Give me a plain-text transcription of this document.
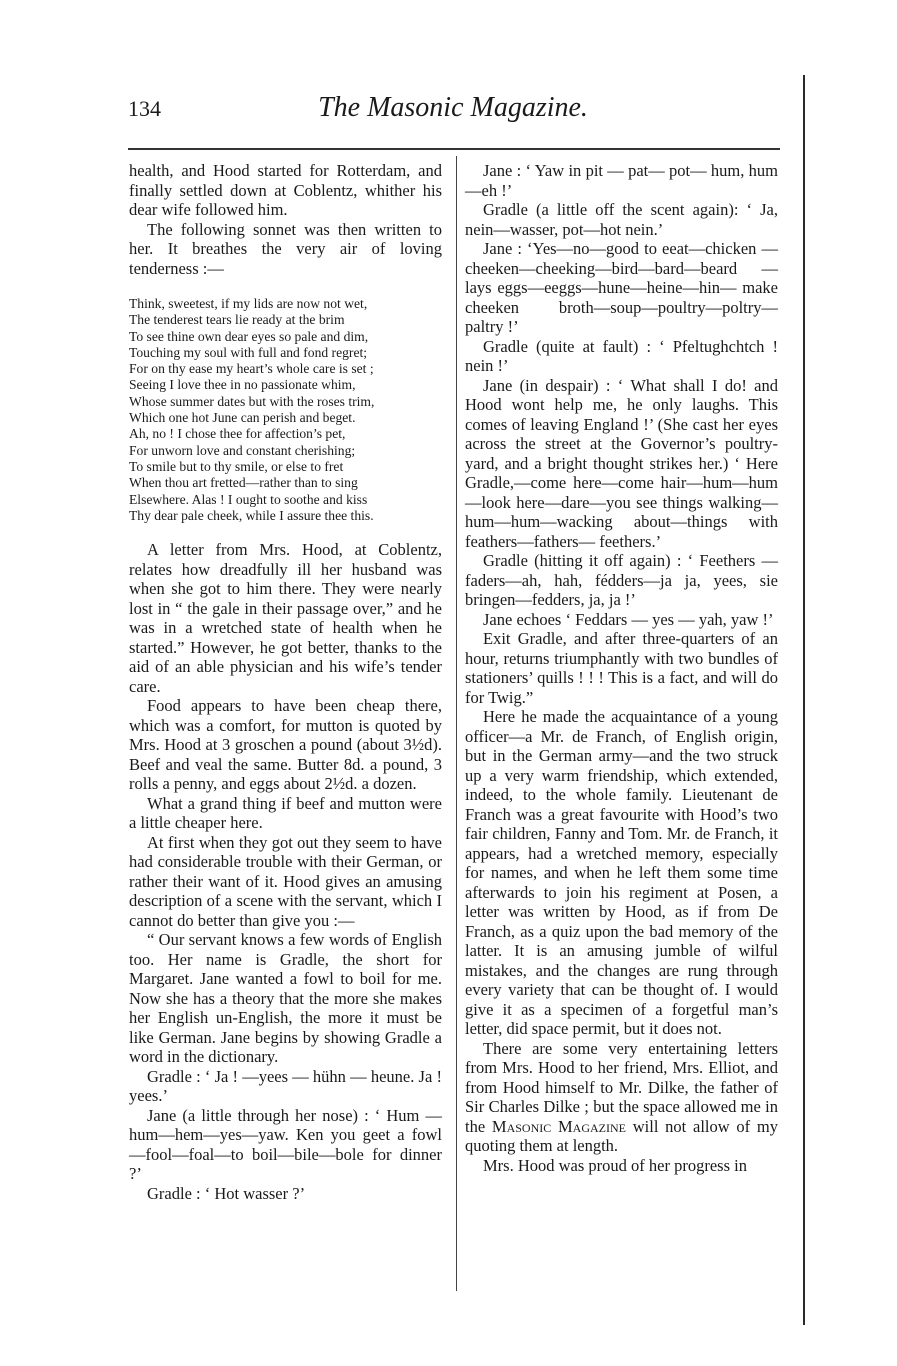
134	The Masonic Magazine.

health, and Hood started for Rotterdam, and finally settled down at Coblentz, whither his dear wife followed him.

The following sonnet was then written to her. It breathes the very air of loving tenderness :—

Think, sweetest, if my lids are now not wet,
The tenderest tears lie ready at the brim
To see thine own dear eyes so pale and dim,
Touching my soul with full and fond regret;
For on thy ease my heart’s whole care is set ;
Seeing I love thee in no passionate whim,
Whose summer dates but with the roses trim,
Which one hot June can perish and beget.
Ah, no ! I chose thee for affection’s pet,
For unworn love and constant cherishing;
To smile but to thy smile, or else to fret
When thou art fretted—rather than to sing
Elsewhere. Alas ! I ought to soothe and kiss
Thy dear pale cheek, while I assure thee this.

A letter from Mrs. Hood, at Coblentz, relates how dreadfully ill her husband was when she got to him there. They were nearly lost in “ the gale in their passage over,” and he was in a wretched state of health when he started.” However, he got better, thanks to the aid of an able physician and his wife’s tender care.

Food appears to have been cheap there, which was a comfort, for mutton is quoted by Mrs. Hood at 3 groschen a pound (about 3½d). Beef and veal the same. Butter 8d. a pound, 3 rolls a penny, and eggs about 2½d. a dozen.

What a grand thing if beef and mutton were a little cheaper here.

At first when they got out they seem to have had considerable trouble with their German, or rather their want of it. Hood gives an amusing description of a scene with the servant, which I cannot do better than give you :—

“ Our servant knows a few words of English too. Her name is Gradle, the short for Margaret. Jane wanted a fowl to boil for me. Now she has a theory that the more she makes her English un-English, the more it must be like German. Jane begins by showing Gradle a word in the dictionary.

Gradle : ‘ Ja ! —yees — hühn — heune. Ja ! yees.’

Jane (a little through her nose) : ‘ Hum —hum—hem—yes—yaw. Ken you geet a fowl—fool—foal—to boil—bile—bole for dinner ?’

Gradle : ‘ Hot wasser ?’

Jane : ‘ Yaw in pit — pat— pot— hum, hum—eh !’

Gradle (a little off the scent again): ‘ Ja, nein—wasser, pot—hot nein.’

Jane : ‘Yes—no—good to eeat—chicken —cheeken—cheeking—bird—bard—beard —lays eggs—eeggs—hune—heine—hin— make cheeken broth—soup—poultry—poltry—paltry !’

Gradle (quite at fault) : ‘ Pfeltughchtch ! nein !’

Jane (in despair) : ‘ What shall I do! and Hood wont help me, he only laughs. This comes of leaving England !’ (She cast her eyes across the street at the Governor’s poultry-yard, and a bright thought strikes her.) ‘ Here Gradle,—come here—come hair—hum—hum—look here—dare—you see things walking—hum—hum—wacking about—things with feathers—fathers— feethers.’

Gradle (hitting it off again) : ‘ Feethers —faders—ah, hah, fédders—ja ja, yees, sie bringen—fedders, ja, ja !’

Jane echoes ‘ Feddars — yes — yah, yaw !’

Exit Gradle, and after three-quarters of an hour, returns triumphantly with two bundles of stationers’ quills ! ! ! This is a fact, and will do for Twig.”

Here he made the acquaintance of a young officer—a Mr. de Franch, of English origin, but in the German army—and the two struck up a very warm friendship, which extended, indeed, to the whole family. Lieutenant de Franch was a great favourite with Hood’s two fair children, Fanny and Tom. Mr. de Franch, it appears, had a wretched memory, especially for names, and when he left them some time afterwards to join his regiment at Posen, a letter was written by Hood, as if from De Franch, as a quiz upon the bad memory of the latter. It is an amusing jumble of wilful mistakes, and the changes are rung through every variety that can be thought of. I would give it as a specimen of a forgetful man’s letter, did space permit, but it does not.

There are some very entertaining letters from Mrs. Hood to her friend, Mrs. Elliot, and from Hood himself to Mr. Dilke, the father of Sir Charles Dilke ; but the space allowed me in the Masonic Magazine will not allow of my quoting them at length.

Mrs. Hood was proud of her progress in
